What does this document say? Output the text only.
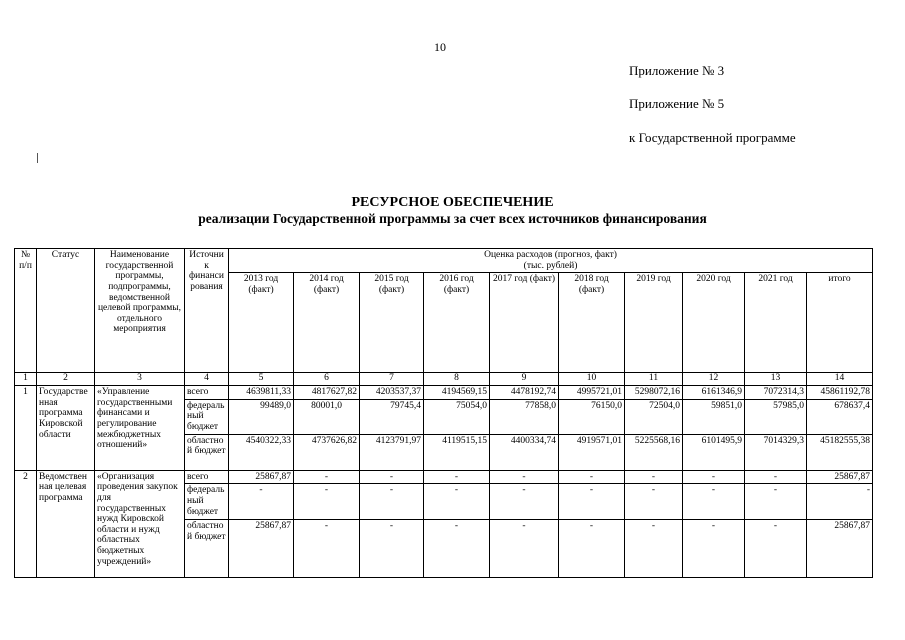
10
Приложение № 3
Приложение № 5
к Государственной программе
РЕСУРСНОЕ ОБЕСПЕЧЕНИЕ
реализации Государственной программы за счет всех источников финансирования
№ п/п	Статус	Наименование государственной программы, подпрограммы, ведомственной целевой программы, отдельного мероприятия	Источник финансирования	Оценка расходов (прогноз, факт)
(тыс. рублей)									

				2013 год (факт)	2014 год (факт)	2015 год (факт)	2016 год (факт)	2017 год (факт)	2018 год (факт)	2019 год	2020 год	2021 год	итого
1	2	3	4	5	6	7	8	9	10	11	12	13	14
1	Государственная программа Кировской области	«Управление государственными финансами и регулирование межбюджетных отношений»	всего	4639811,33	4817627,82	4203537,37	4194569,15	4478192,74	4995721,01	5298072,16	6161346,9	7072314,3	45861192,78
			федеральный бюджет	99489,0	80001,0	79745,4	75054,0	77858,0	76150,0	72504,0	59851,0	57985,0	678637,4
			областной бюджет	4540322,33	4737626,82	4123791,97	4119515,15	4400334,74	4919571,01	5225568,16	6101495,9	7014329,3	45182555,38
2	Ведомственная целевая программа	«Организация проведения закупок для государственных нужд Кировской области и нужд областных бюджетных учреждений»	всего	25867,87	-	-	-	-	-	-	-	-	25867,87
			федеральный бюджет	-	-	-	-	-	-	-	-	-	-
			областной бюджет	25867,87	-	-	-	-	-	-	-	-	25867,87
